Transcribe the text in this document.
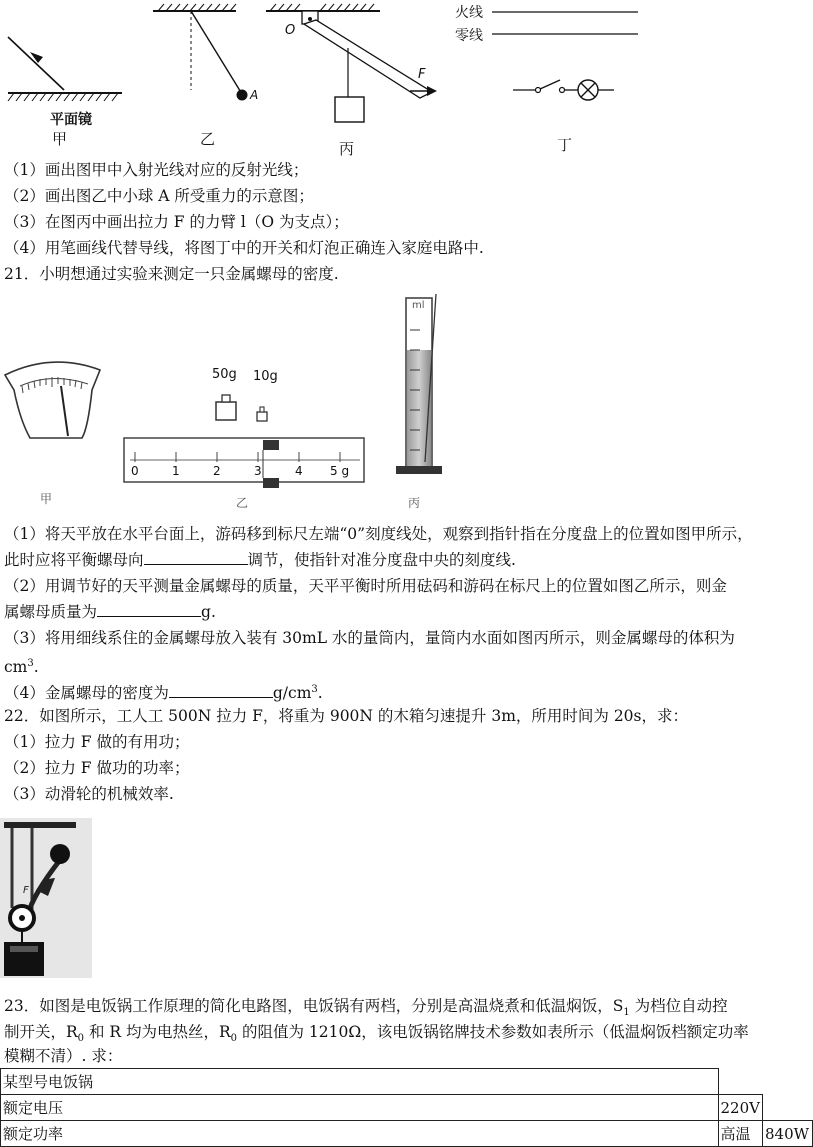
平面镜
甲	乙
丙	丁
A
O
F
火线
零线
（1）画出图甲中入射光线对应的反射光线；
（2）画出图乙中小球 A 所受重力的示意图；
（3）在图丙中画出拉力 F 的力臂 l（O 为支点）；
（4）用笔画线代替导线，将图丁中的开关和灯泡正确连入家庭电路中.
21．小明想通过实验来测定一只金属螺母的密度.
50g 10g
0	1	2	3	4 5 g
甲	乙	丙
ml
（1）将天平放在水平台面上，游码移到标尺左端“0”刻度线处，观察到指针指在分度盘上的位置如图甲所示，
此时应将平衡螺母向	调节，使指针对准分度盘中央的刻度线.
（2）用调节好的天平测量金属螺母的质量，天平平衡时所用砝码和游码在标尺上的位置如图乙所示，则金
属螺母质量为	g.
（3）将用细线系住的金属螺母放入装有 30mL 水的量筒内，量筒内水面如图丙所示，则金属螺母的体积为
$cm^3$.
（4）金属螺母的密度为	$g/cm^3$.
22．如图所示，工人工 500N 拉力 F，将重为 900N 的木箱匀速提升 3m，所用时间为 20s，求：
（1）拉力 F 做的有用功；
（2）拉力 F 做功的功率；
（3）动滑轮的机械效率.
F
23．如图是电饭锅工作原理的简化电路图，电饭锅有两档，分别是高温烧煮和低温焖饭，$S_1$ 为档位自动控
制开关，$R_0$ 和 R 均为电热丝，$R_0$ 的阻值为 1210Ω，该电饭锅铭牌技术参数如表所示（低温焖饭档额定功率
模糊不清）. 求：
某型号电饭锅		
额定电压	220V	
额定功率	高温	840W
